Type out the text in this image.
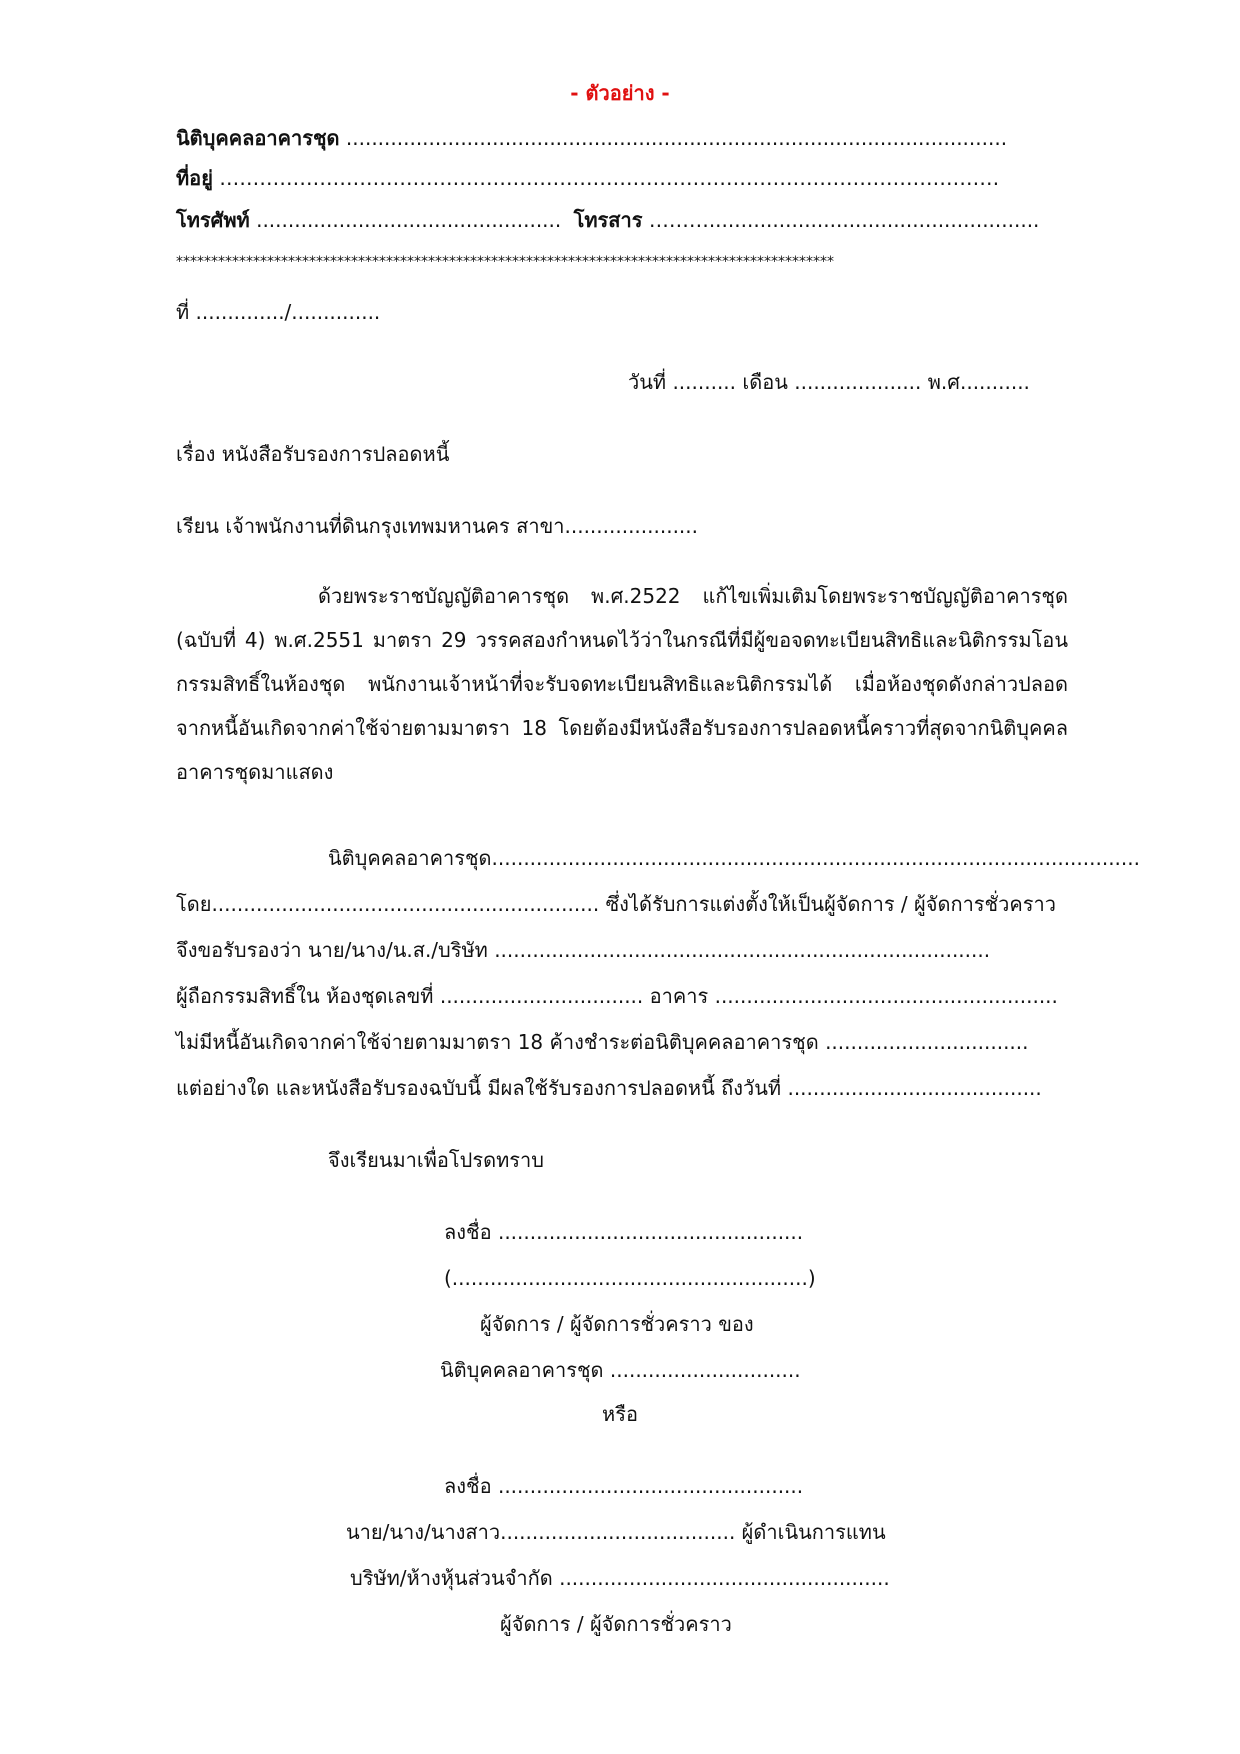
- ตัวอย่าง -
นิติบุคคลอาคารชุด ........................................................................................................
ที่อยู่ ………………………………………………………………………………………………………
โทรศัพท์ ................................................ โทรสาร ………....................................................
**********************************************************************************************
ที่ ............../..............
วันที่ .......... เดือน .................... พ.ศ...........
เรื่อง หนังสือรับรองการปลอดหนี้
เรียน เจ้าพนักงานที่ดินกรุงเทพมหานคร สาขา.....................
ด้วยพระราชบัญญัติอาคารชุด พ.ศ.2522 แก้ไขเพิ่มเติมโดยพระราชบัญญัติอาคารชุด (ฉบับที่ 4) พ.ศ.2551 มาตรา 29 วรรคสองกำหนดไว้ว่าในกรณีที่มีผู้ขอจดทะเบียนสิทธิและนิติกรรมโอนกรรมสิทธิ์ในห้องชุด พนักงานเจ้าหน้าที่จะรับจดทะเบียนสิทธิและนิติกรรมได้ เมื่อห้องชุดดังกล่าวปลอดจากหนี้อันเกิดจากค่าใช้จ่ายตามมาตรา 18 โดยต้องมีหนังสือรับรองการปลอดหนี้คราวที่สุดจากนิติบุคคลอาคารชุดมาแสดง
นิติบุคคลอาคารชุด......................................................................................................
โดย............................................................. ซึ่งได้รับการแต่งตั้งให้เป็นผู้จัดการ / ผู้จัดการชั่วคราว
จึงขอรับรองว่า นาย/นาง/น.ส./บริษัท ..............................................................................
ผู้ถือกรรมสิทธิ์ใน ห้องชุดเลขที่ ................................ อาคาร ......................................................
ไม่มีหนี้อันเกิดจากค่าใช้จ่ายตามมาตรา 18 ค้างชำระต่อนิติบุคคลอาคารชุด ................................
แต่อย่างใด และหนังสือรับรองฉบับนี้ มีผลใช้รับรองการปลอดหนี้ ถึงวันที่ ........................................
จึงเรียนมาเพื่อโปรดทราบ
ลงชื่อ ................................................
(........................................................)
ผู้จัดการ / ผู้จัดการชั่วคราว ของ
นิติบุคคลอาคารชุด ..............................
หรือ
ลงชื่อ ................................................
นาย/นาง/นางสาว..................................... ผู้ดำเนินการแทน
บริษัท/ห้างหุ้นส่วนจำกัด ....................................................
ผู้จัดการ / ผู้จัดการชั่วคราว
